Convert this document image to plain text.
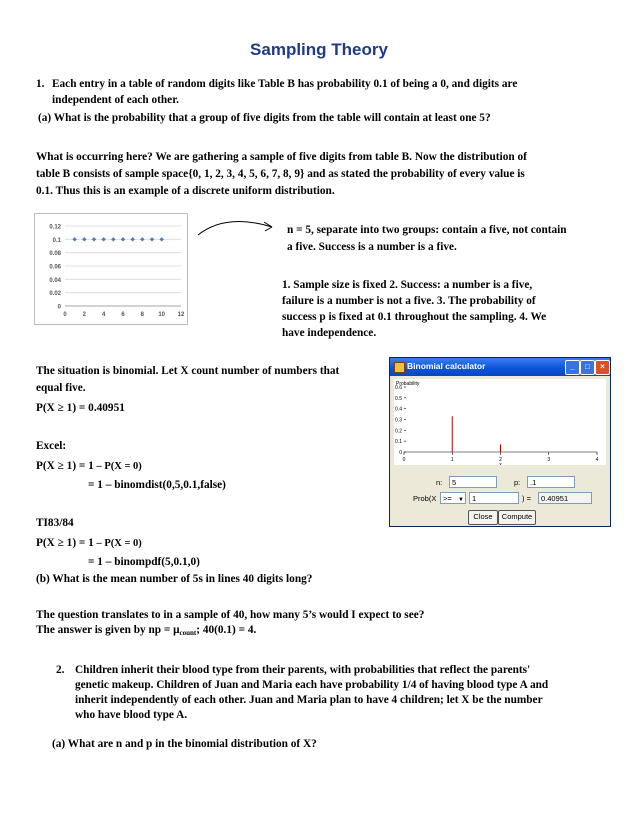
Sampling Theory
1. Each entry in a table of random digits like Table B has probability 0.1 of being a 0, and digits are
independent of each other.
(a) What is the probability that a group of five digits from the table will contain at least one 5?
What is occurring here? We are gathering a sample of five digits from table B. Now the distribution of
table B consists of sample space{0, 1, 2, 3, 4, 5, 6, 7, 8, 9} and as stated the probability of every value is
0.1. Thus this is an example of a discrete uniform distribution.
0
0.02
0.04
0.06
0.08
0.1
0.12
0	2	4	6	8 10 12
n = 5, separate into two groups: contain a five, not contain
a five. Success is a number is a five.
1. Sample size is fixed 2. Success: a number is a five,
failure is a number is not a five. 3. The probability of
success p is fixed at 0.1 throughout the sampling. 4. We
have independence.
The situation is binomial. Let X count number of numbers that
equal five.
P(X ≥ 1) = 0.40951
Excel:
P(X ≥ 1) = 1 – P(X = 0)
= 1 – binomdist(0,5,0.1,false)
TI83/84
P(X ≥ 1) = 1 – P(X = 0)
= 1 – binompdf(5,0.1,0)
(b) What is the mean number of 5s in lines 40 digits long?
The question translates to in a sample of 40, how many 5’s would I expect to see?
The answer is given by np = $\mu_{count}$; 40(0.1) = 4.
2. Children inherit their blood type from their parents, with probabilities that reflect the parents'
genetic makeup. Children of Juan and Maria each have probability 1/4 of having blood type A and
inherit independently of each other. Juan and Maria plan to have 4 children; let X be the number
who have blood type A.
(a) What are n and p in the binomial distribution of X?
Binomial calculator	_	□	×
Probability
0
0.1
0.2
0.3
0.4
0.5
0.6
0	1	2	3	4
x
n:	5	p:	.1
Prob(X >= ▼	1	) =	0.40951
Close	Compute
